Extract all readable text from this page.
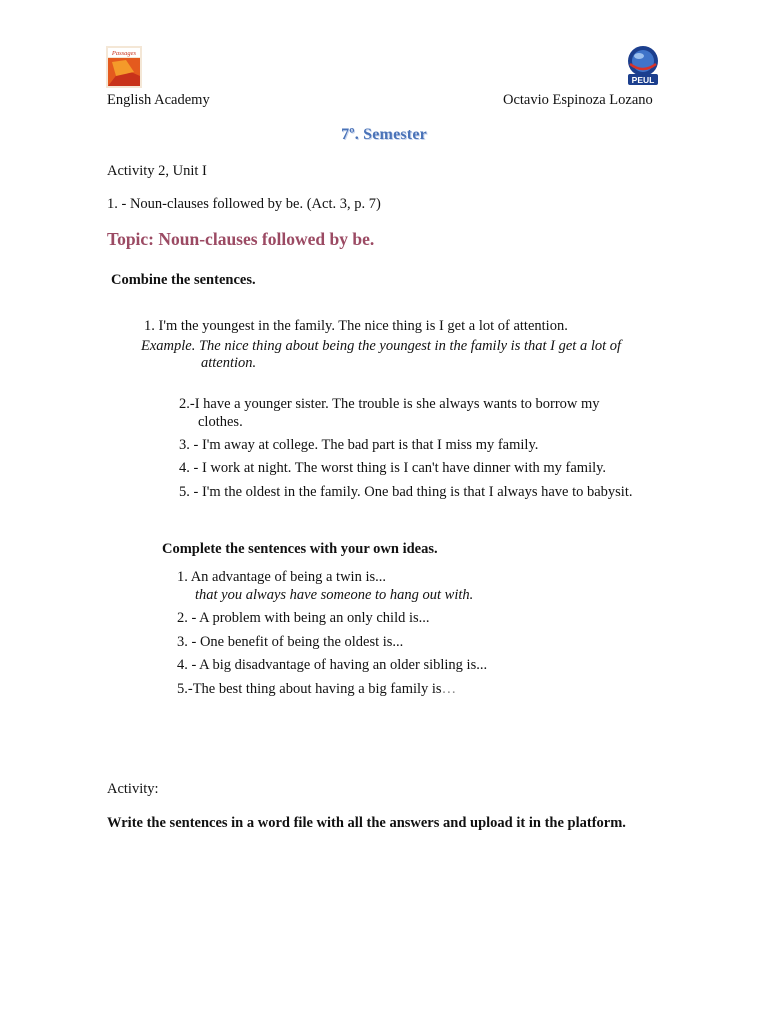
Passages
PEUL
English Academy	Octavio Espinoza Lozano
7º. Semester
Activity 2, Unit I
1. - Noun-clauses followed by be. (Act. 3, p. 7)
Topic: Noun-clauses followed by be.
Combine the sentences.
1. I'm the youngest in the family. The nice thing is I get a lot of attention.
Example. The nice thing about being the youngest in the family is that I get a lot of
attention.
2.-I have a younger sister. The trouble is she always wants to borrow my
clothes.
3. - I'm away at college. The bad part is that I miss my family.
4. - I work at night. The worst thing is I can't have dinner with my family.
5. - I'm the oldest in the family. One bad thing is that I always have to babysit.
Complete the sentences with your own ideas.
1. An advantage of being a twin is...
that you always have someone to hang out with.
2. - A problem with being an only child is...
3. - One benefit of being the oldest is...
4. - A big disadvantage of having an older sibling is...
5.-The best thing about having a big family is…
Activity:
Write the sentences in a word file with all the answers and upload it in the platform.
